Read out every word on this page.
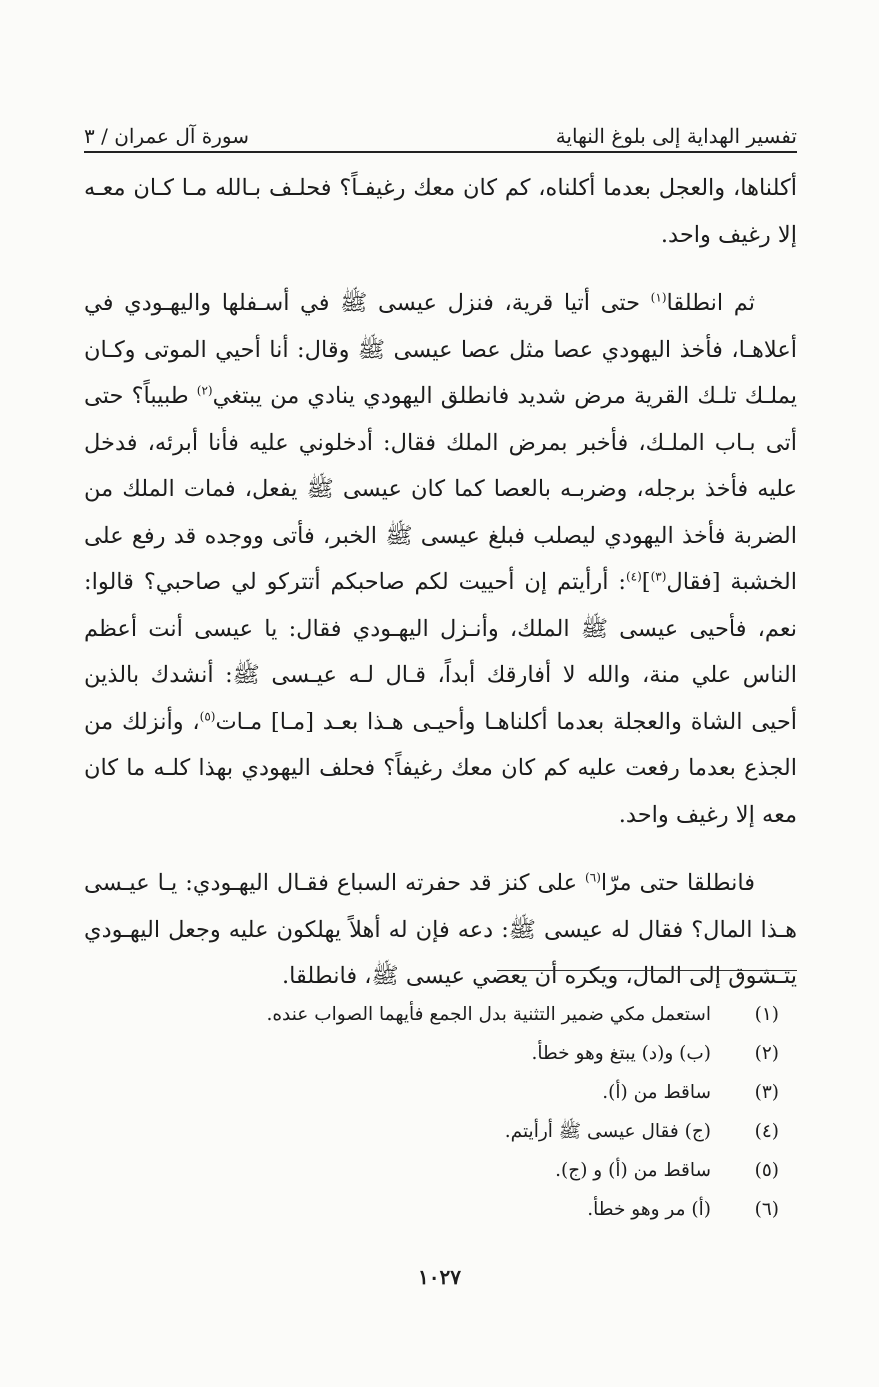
تفسير الهداية إلى بلوغ النهاية
سورة آل عمران / ٣

أكلناها، والعجل بعدما أكلناه، كم كان معك رغيفـاً؟ فحلـف بـالله مـا كـان معـه إلا رغيف واحد.

ثم انطلقا$^{(١)}$ حتى أتيا قرية، فنزل عيسى ﷺ في أسـفلها واليهـودي في أعلاهـا، فأخذ اليهودي عصا مثل عصا عيسى ﷺ وقال: أنا أحيي الموتى وكـان يملـك تلـك القرية مرض شديد فانطلق اليهودي ينادي من يبتغي$^{(٢)}$ طبيباً؟ حتى أتى بـاب الملـك، فأخبر بمرض الملك فقال: أدخلوني عليه فأنا أبرئه، فدخل عليه فأخذ برجله، وضربـه بالعصا كما كان عيسى ﷺ يفعل، فمات الملك من الضربة فأخذ اليهودي ليصلب فبلغ عيسى ﷺ الخبر، فأتى ووجده قد رفع على الخشبة [فقال$^{(٣)}$]$^{(٤)}$: أرأيتم إن أحييت لكم صاحبكم أتتركو لي صاحبي؟ قالوا: نعم، فأحيى عيسى ﷺ الملك، وأنـزل اليهـودي فقال: يا عيسى أنت أعظم الناس علي منة، والله لا أفارقك أبداً، قـال لـه عيـسى ﷺ: أنشدك بالذين أحيى الشاة والعجلة بعدما أكلناهـا وأحيـى هـذا بعـد [مـا] مـات$^{(٥)}$، وأنزلك من الجذع بعدما رفعت عليه كم كان معك رغيفاً؟ فحلف اليهودي بهذا كلـه ما كان معه إلا رغيف واحد.

فانطلقا حتى مرّا$^{(٦)}$ على كنز قد حفرته السباع فقـال اليهـودي: يـا عيـسى هـذا المال؟ فقال له عيسى ﷺ: دعه فإن له أهلاً يهلكون عليه وجعل اليهـودي يتـشوق إلى المال، ويكره أن يعصي عيسى ﷺ، فانطلقا.

(١)
استعمل مكي ضمير التثنية بدل الجمع فأيهما الصواب عنده.
(٢)
(ب) و(د) يبتغ وهو خطأ.
(٣)
ساقط من (أ).
(٤)
(ج) فقال عيسى ﷺ أرأيتم.
(٥)
ساقط من (أ) و (ج).
(٦)
(أ) مر وهو خطأ.
١٠٢٧
